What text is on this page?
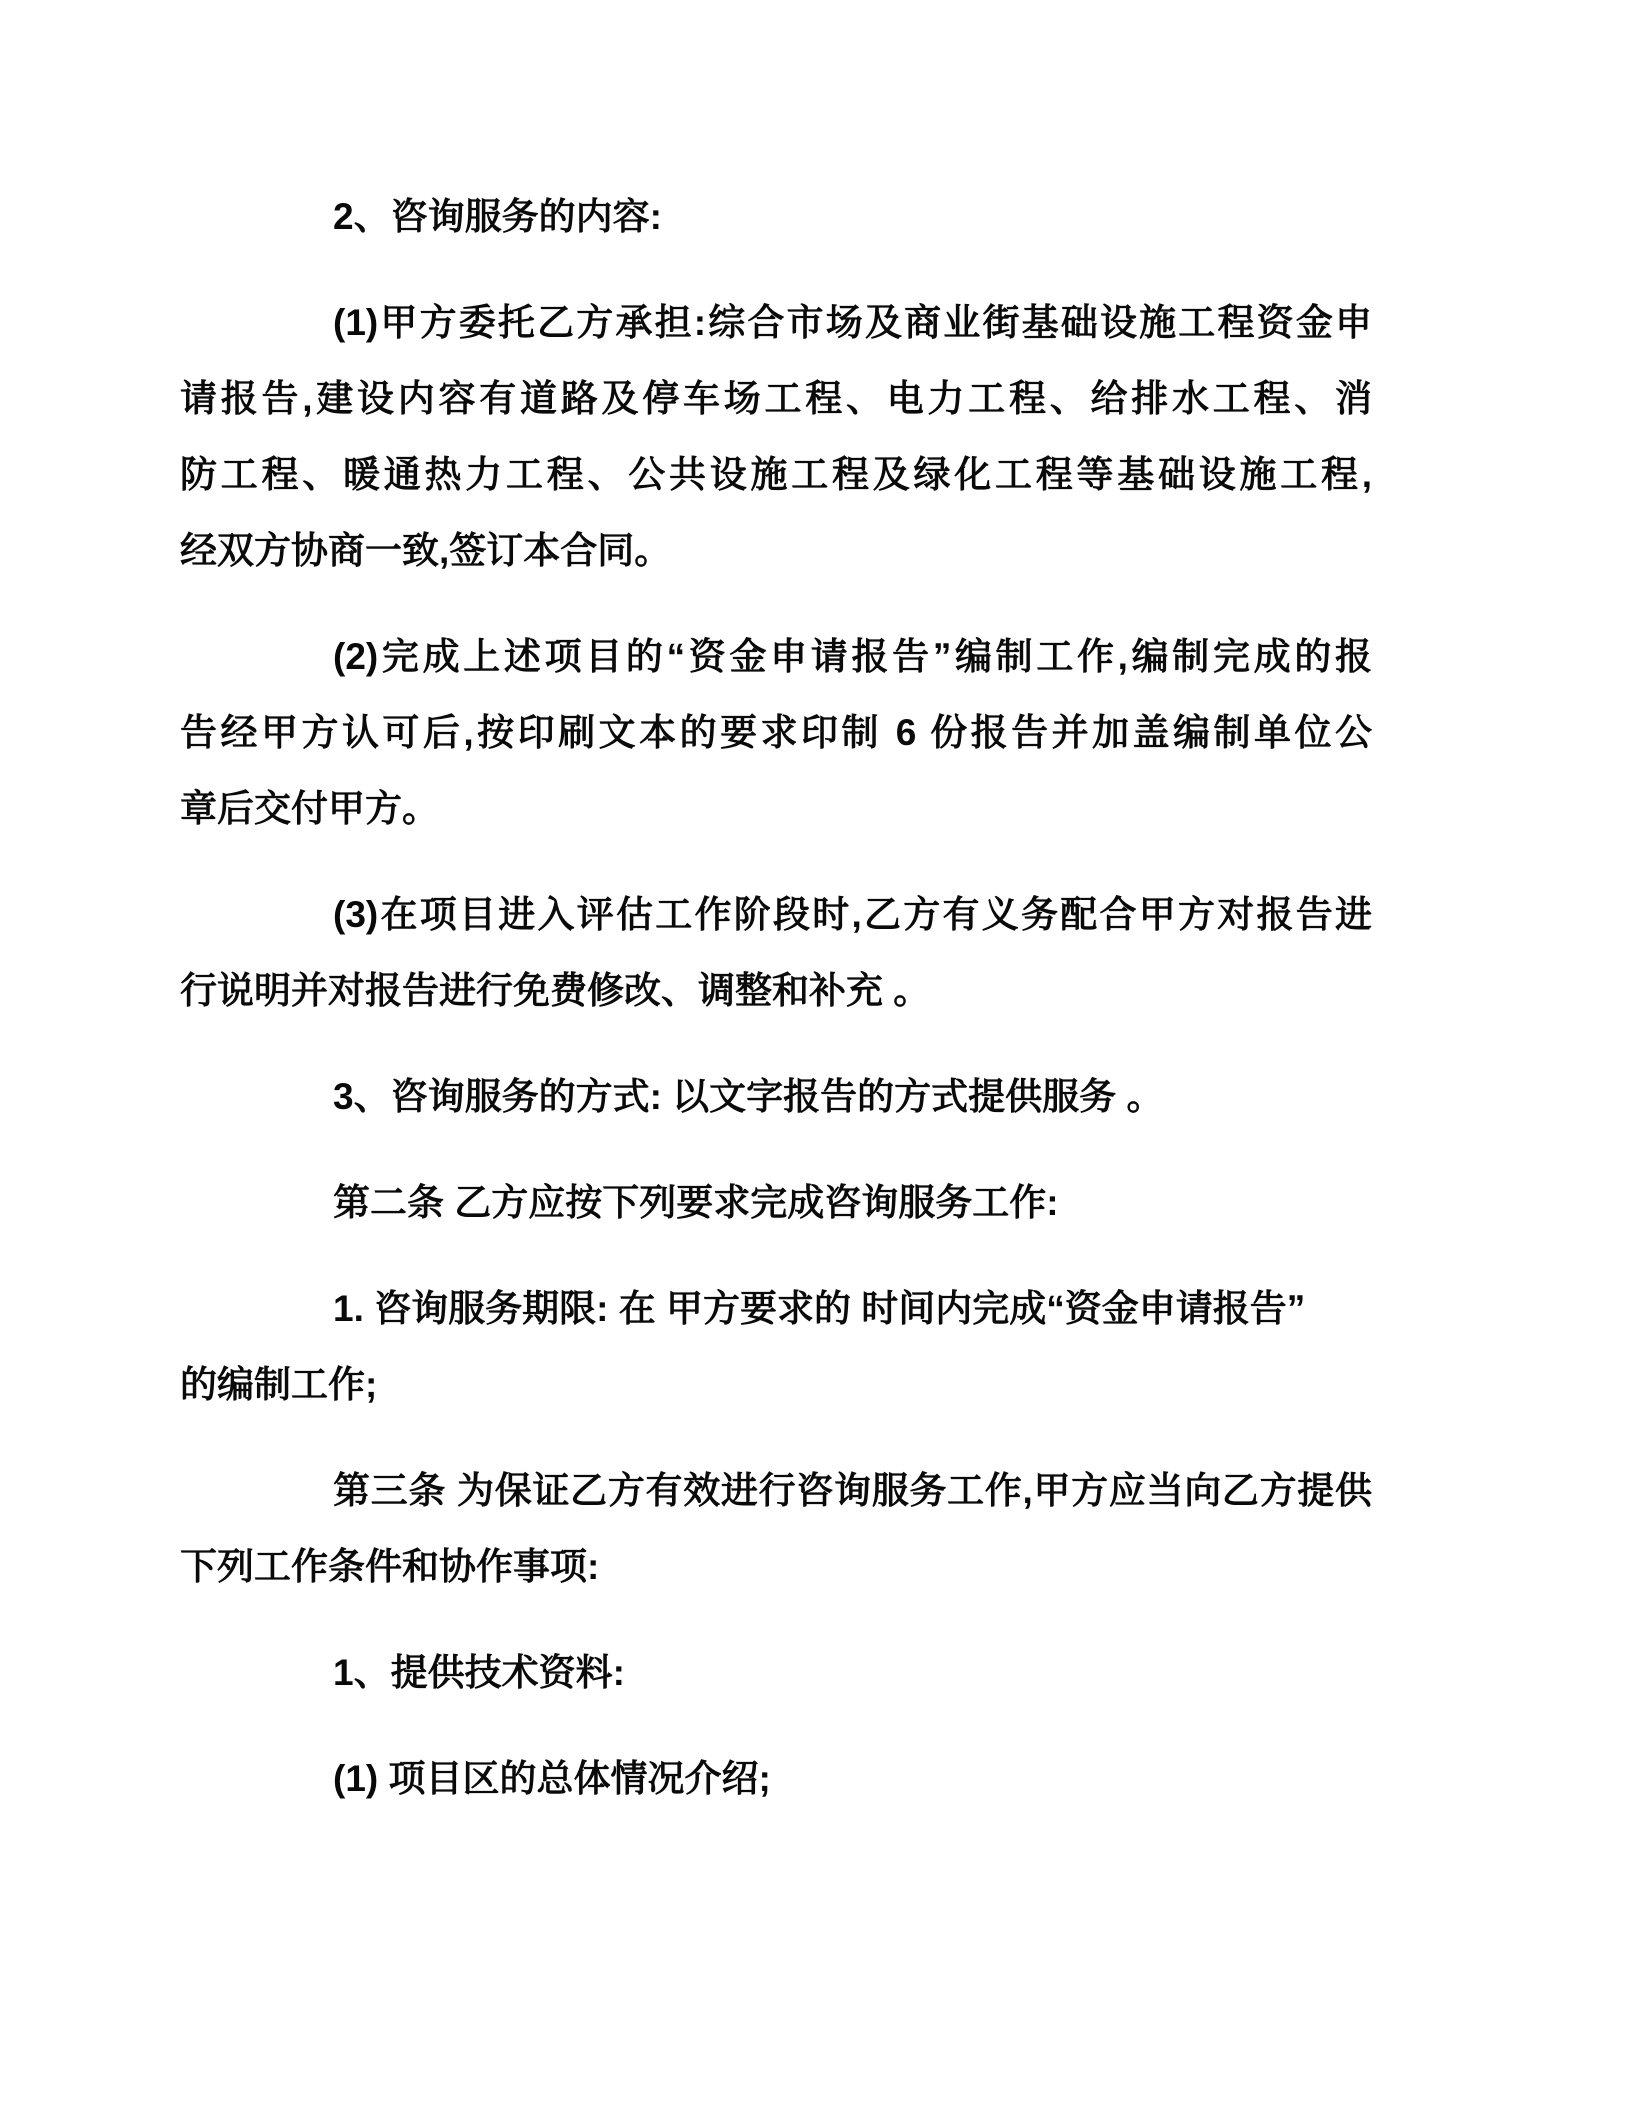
2、咨询服务的内容:
(1)甲方委托乙方承担:综合市场及商业街基础设施工程资金申
请报告,建设内容有道路及停车场工程、电力工程、给排水工程、消
防工程、暖通热力工程、公共设施工程及绿化工程等基础设施工程,
经双方协商一致,签订本合同。
(2)完成上述项目的“资金申请报告”编制工作,编制完成的报
告经甲方认可后,按印刷文本的要求印制 6 份报告并加盖编制单位公
章后交付甲方。
(3)在项目进入评估工作阶段时,乙方有义务配合甲方对报告进
行说明并对报告进行免费修改、调整和补充 。
3、咨询服务的方式: 以文字报告的方式提供服务 。
第二条 乙方应按下列要求完成咨询服务工作:
1. 咨询服务期限: 在 甲方要求的 时间内完成“资金申请报告”
的编制工作;
第三条 为保证乙方有效进行咨询服务工作,甲方应当向乙方提供
下列工作条件和协作事项:
1、提供技术资料:
(1) 项目区的总体情况介绍;
